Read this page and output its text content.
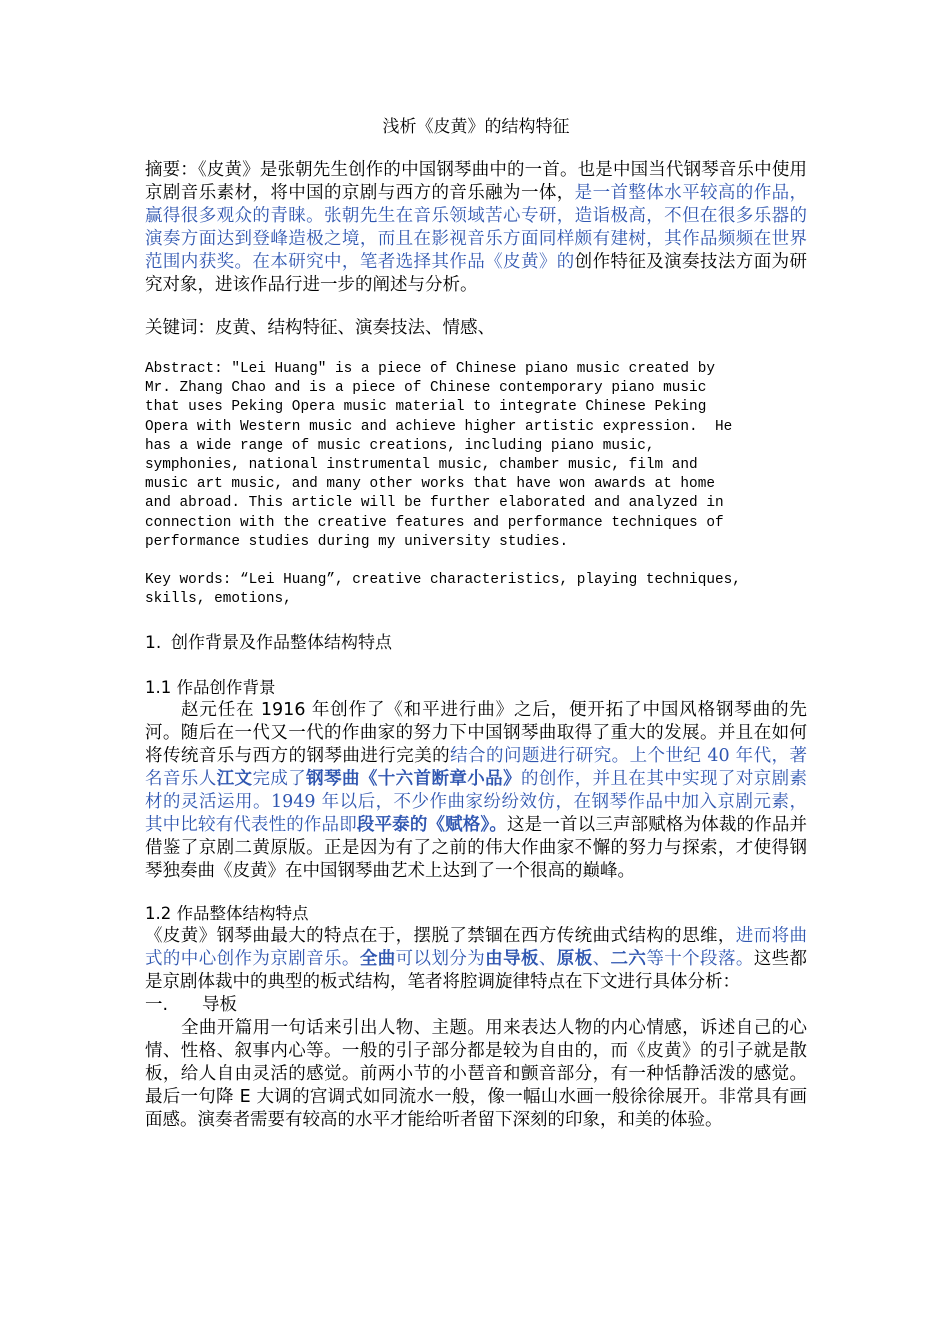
浅析《皮黄》的结构特征

摘要：《皮黄》是张朝先生创作的中国钢琴曲中的一首。也是中国当代钢琴音乐中使用京剧音乐素材，将中国的京剧与西方的音乐融为一体，是一首整体水平较高的作品，赢得很多观众的青睐。张朝先生在音乐领域苦心专研，造诣极高，不但在很多乐器的演奏方面达到登峰造极之境，而且在影视音乐方面同样颇有建树，其作品频频在世界范围内获奖。在本研究中，笔者选择其作品《皮黄》的创作特征及演奏技法方面为研究对象，进该作品行进一步的阐述与分析。

关键词：皮黄、结构特征、演奏技法、情感、

Abstract: "Lei Huang" is a piece of Chinese piano music created by
Mr. Zhang Chao and is a piece of Chinese contemporary piano music
that uses Peking Opera music material to integrate Chinese Peking
Opera with Western music and achieve higher artistic expression.  He
has a wide range of music creations, including piano music,
symphonies, national instrumental music, chamber music, film and
music art music, and many other works that have won awards at home
and abroad. This article will be further elaborated and analyzed in
connection with the creative features and performance techniques of
performance studies during my university studies.

Key words: “Lei Huang”, creative characteristics, playing techniques,
skills, emotions,

1. 创作背景及作品整体结构特点

1.1 作品创作背景

赵元任在 1916 年创作了《和平进行曲》之后，便开拓了中国风格钢琴曲的先河。随后在一代又一代的作曲家的努力下中国钢琴曲取得了重大的发展。并且在如何将传统音乐与西方的钢琴曲进行完美的结合的问题进行研究。上个世纪 40 年代，著名音乐人江文完成了钢琴曲《十六首断章小品》的创作，并且在其中实现了对京剧素材的灵活运用。1949 年以后，不少作曲家纷纷效仿，在钢琴作品中加入京剧元素，其中比较有代表性的作品即段平泰的《赋格》。这是一首以三声部赋格为体裁的作品并借鉴了京剧二黄原版。正是因为有了之前的伟大作曲家不懈的努力与探索，才使得钢琴独奏曲《皮黄》在中国钢琴曲艺术上达到了一个很高的巅峰。

1.2 作品整体结构特点

《皮黄》钢琴曲最大的特点在于，摆脱了禁锢在西方传统曲式结构的思维，进而将曲式的中心创作为京剧音乐。全曲可以划分为由导板、原板、二六等十个段落。这些都是京剧体裁中的典型的板式结构，笔者将腔调旋律特点在下文进行具体分析：

一. 导板

全曲开篇用一句话来引出人物、主题。用来表达人物的内心情感，诉述自己的心情、性格、叙事内心等。一般的引子部分都是较为自由的，而《皮黄》的引子就是散板，给人自由灵活的感觉。前两小节的小琶音和颤音部分，有一种恬静活泼的感觉。最后一句降 E 大调的宫调式如同流水一般，像一幅山水画一般徐徐展开。非常具有画面感。演奏者需要有较高的水平才能给听者留下深刻的印象，和美的体验。
